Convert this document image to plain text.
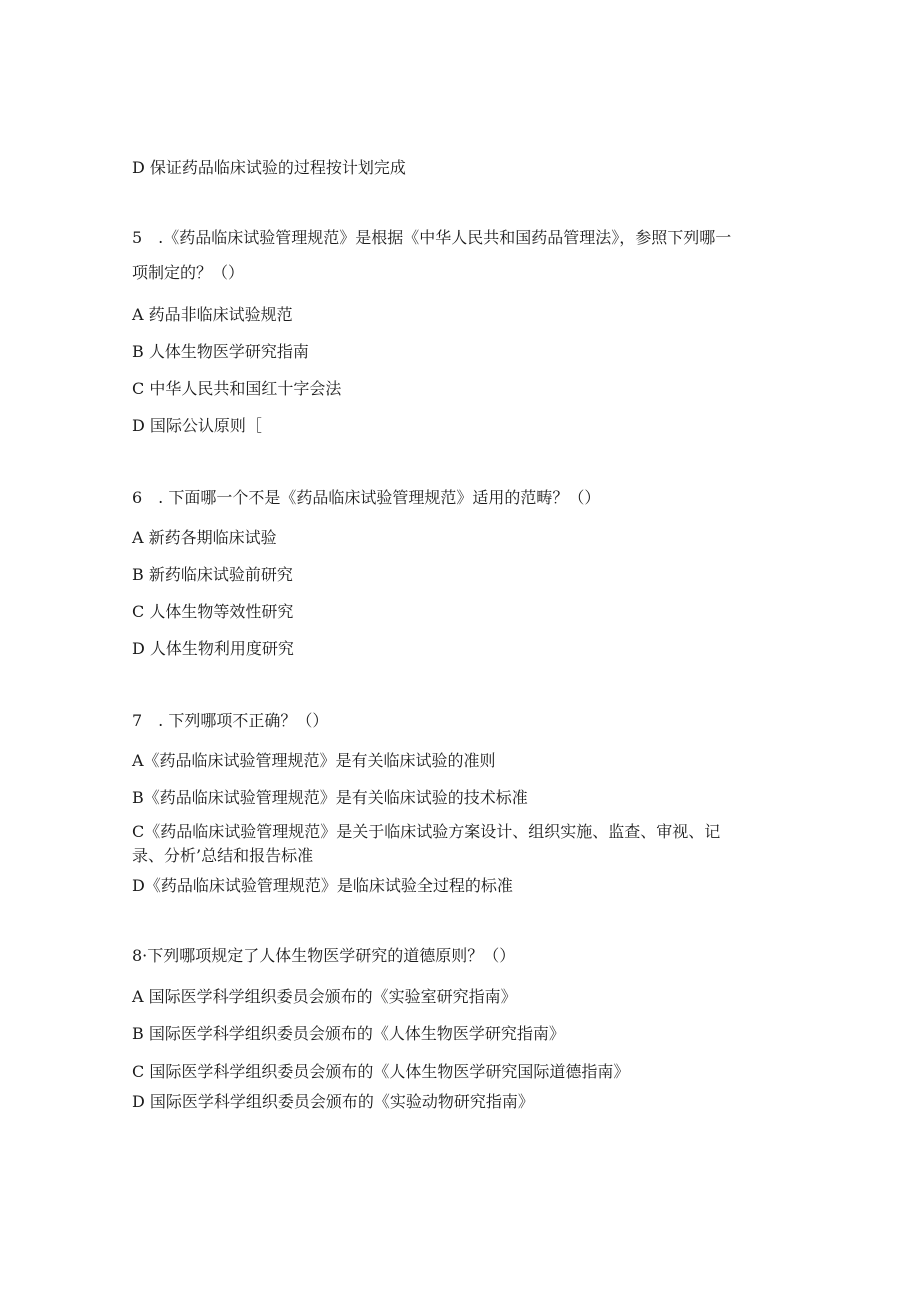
D 保证药品临床试验的过程按计划完成

5　.《药品临床试验管理规范》是根据《中华人民共和国药品管理法》，参照下列哪一

项制定的？（）

A 药品非临床试验规范

B 人体生物医学研究指南

C 中华人民共和国红十字会法

D 国际公认原则［

6　. 下面哪一个不是《药品临床试验管理规范》适用的范畴？（）

A 新药各期临床试验

B 新药临床试验前研究

C 人体生物等效性研究

D 人体生物利用度研究

7　. 下列哪项不正确？（）

A《药品临床试验管理规范》是有关临床试验的准则

B《药品临床试验管理规范》是有关临床试验的技术标准

C《药品临床试验管理规范》是关于临床试验方案设计、组织实施、监查、审视、记

录、分析’总结和报告标准

D《药品临床试验管理规范》是临床试验全过程的标准

8·下列哪项规定了人体生物医学研究的道德原则？（）

A 国际医学科学组织委员会颁布的《实验室研究指南》

B 国际医学科学组织委员会颁布的《人体生物医学研究指南》

C 国际医学科学组织委员会颁布的《人体生物医学研究国际道德指南》

D 国际医学科学组织委员会颁布的《实验动物研究指南》
